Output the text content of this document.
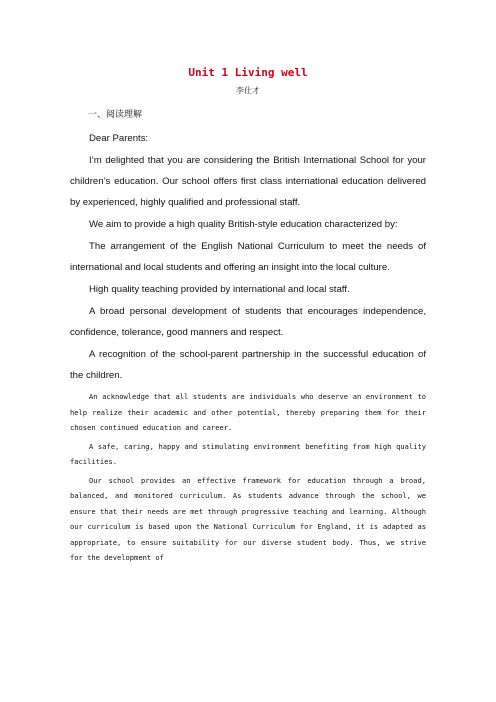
Unit 1 Living well
李仕才
一、阅读理解

Dear Parents:

I’m delighted that you are considering the British International School for your children’s education. Our school offers first class international education delivered by experienced, highly qualified and professional staff.

We aim to provide a high quality British-style education characterized by:

The arrangement of the English National Curriculum to meet the needs of international and local students and offering an insight into the local culture.

High quality teaching provided by international and local staff.

A broad personal development of students that encourages independence, confidence, tolerance, good manners and respect.

A recognition of the school-parent partnership in the successful education of the children.

An acknowledge that all students are individuals who deserve an environment to help realize their academic and other potential, thereby preparing them for their chosen continued education and career.

A safe, caring, happy and stimulating environment benefiting from high quality facilities.

Our school provides an effective framework for education through a broad, balanced, and monitored curriculum. As students advance through the school, we ensure that their needs are met through progressive teaching and learning. Although our curriculum is based upon the National Curriculum for England, it is adapted as appropriate, to ensure suitability for our diverse student body. Thus, we strive for the development of
